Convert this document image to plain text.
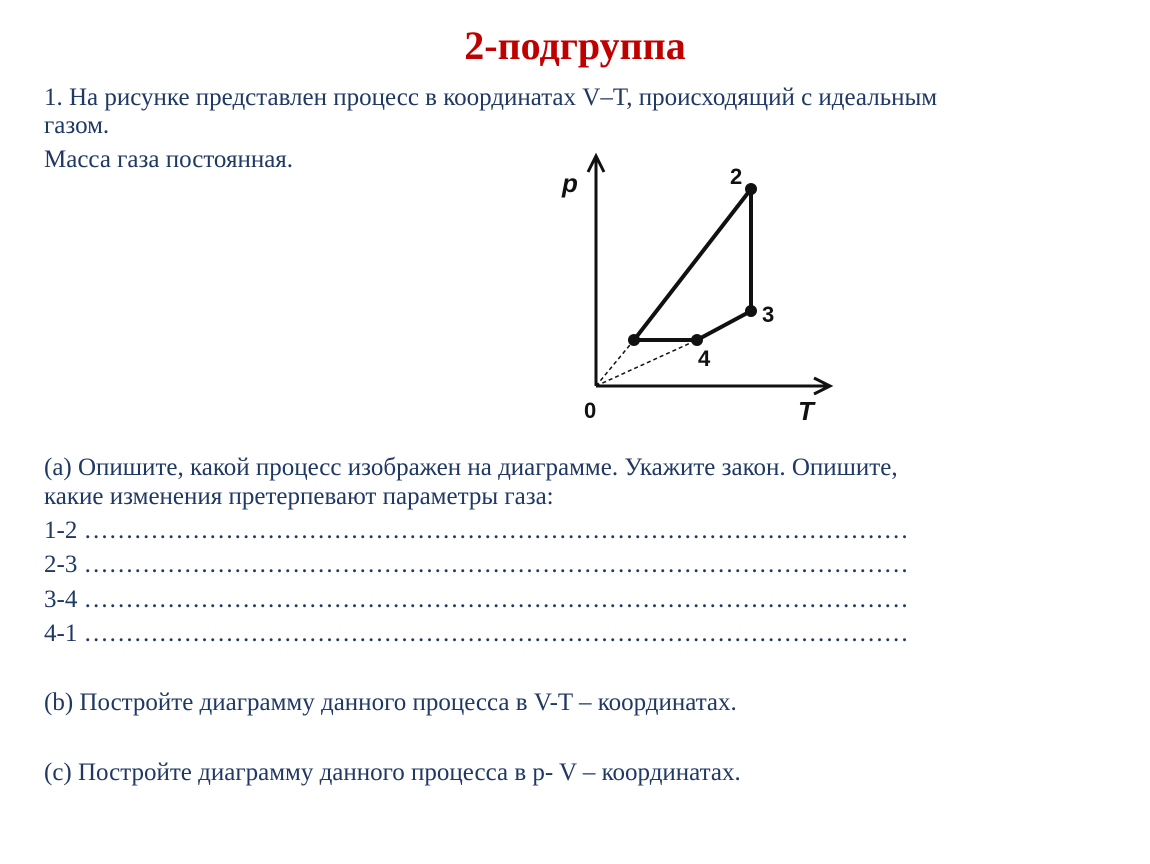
2-подгруппа
1. На рисунке представлен процесс в координатах V–T, происходящий с идеальным
газом.
Масса газа постоянная.
p
T
0
2
3
4
(a) Опишите, какой процесс изображен на диаграмме. Укажите закон. Опишите,
какие изменения претерпевают параметры газа:
1-2 ………………………………………………………………………………………
2-3 ………………………………………………………………………………………
3-4 ………………………………………………………………………………………
4-1 ………………………………………………………………………………………
(b) Постройте диаграмму данного процесса в V-T – координатах.
(c) Постройте диаграмму данного процесса в p- V – координатах.
